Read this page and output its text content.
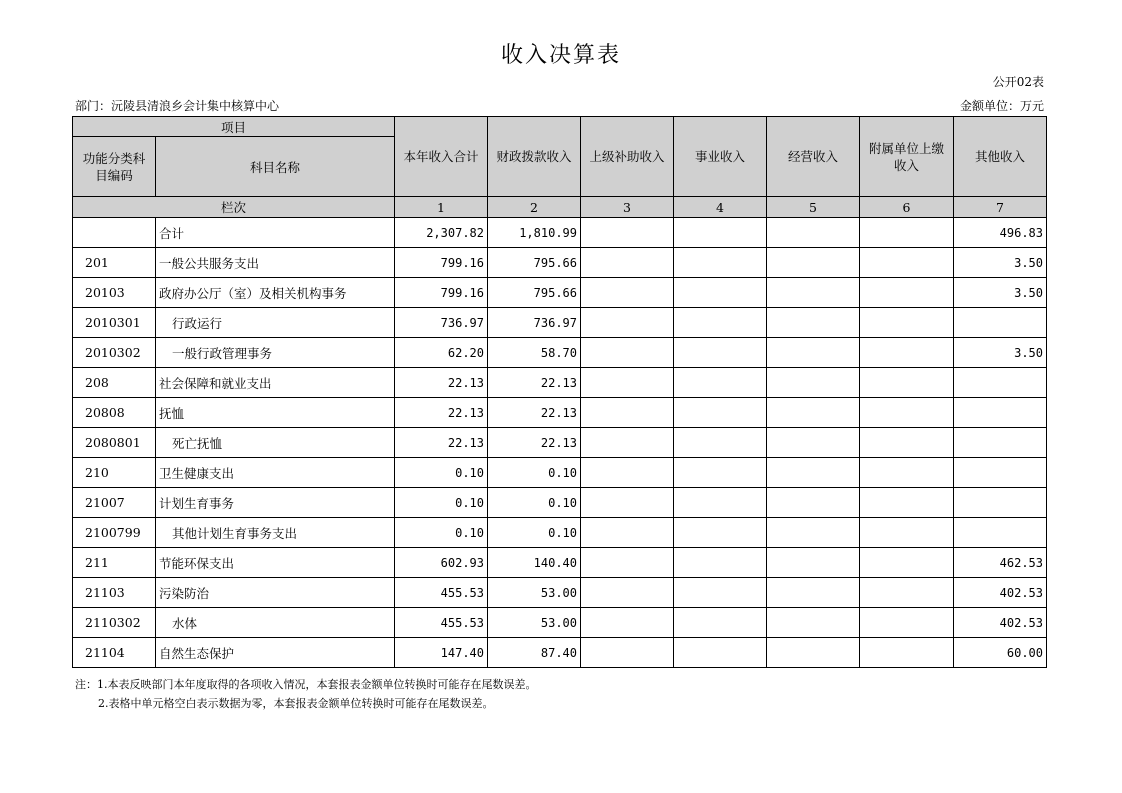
收入决算表
公开02表
部门：沅陵县清浪乡会计集中核算中心	金额单位：万元
项目		本年收入合计	财政拨款收入	上级补助收入	事业收入	经营收入	附属单位上缴收入	其他收入
功能分类科目编码	科目名称							
栏次		1	2	3	4	5	6	7
	合计	2,307.82	1,810.99					496.83
201	一般公共服务支出	799.16	795.66					3.50
20103	政府办公厅（室）及相关机构事务	799.16	795.66					3.50
2010301	行政运行	736.97	736.97					
2010302	一般行政管理事务	62.20	58.70					3.50
208	社会保障和就业支出	22.13	22.13					
20808	抚恤	22.13	22.13					
2080801	死亡抚恤	22.13	22.13					
210	卫生健康支出	0.10	0.10					
21007	计划生育事务	0.10	0.10					
2100799	其他计划生育事务支出	0.10	0.10					
211	节能环保支出	602.93	140.40					462.53
21103	污染防治	455.53	53.00					402.53
2110302	水体	455.53	53.00					402.53
21104	自然生态保护	147.40	87.40					60.00
注：1.本表反映部门本年度取得的各项收入情况，本套报表金额单位转换时可能存在尾数误差。
2.表格中单元格空白表示数据为零，本套报表金额单位转换时可能存在尾数误差。
